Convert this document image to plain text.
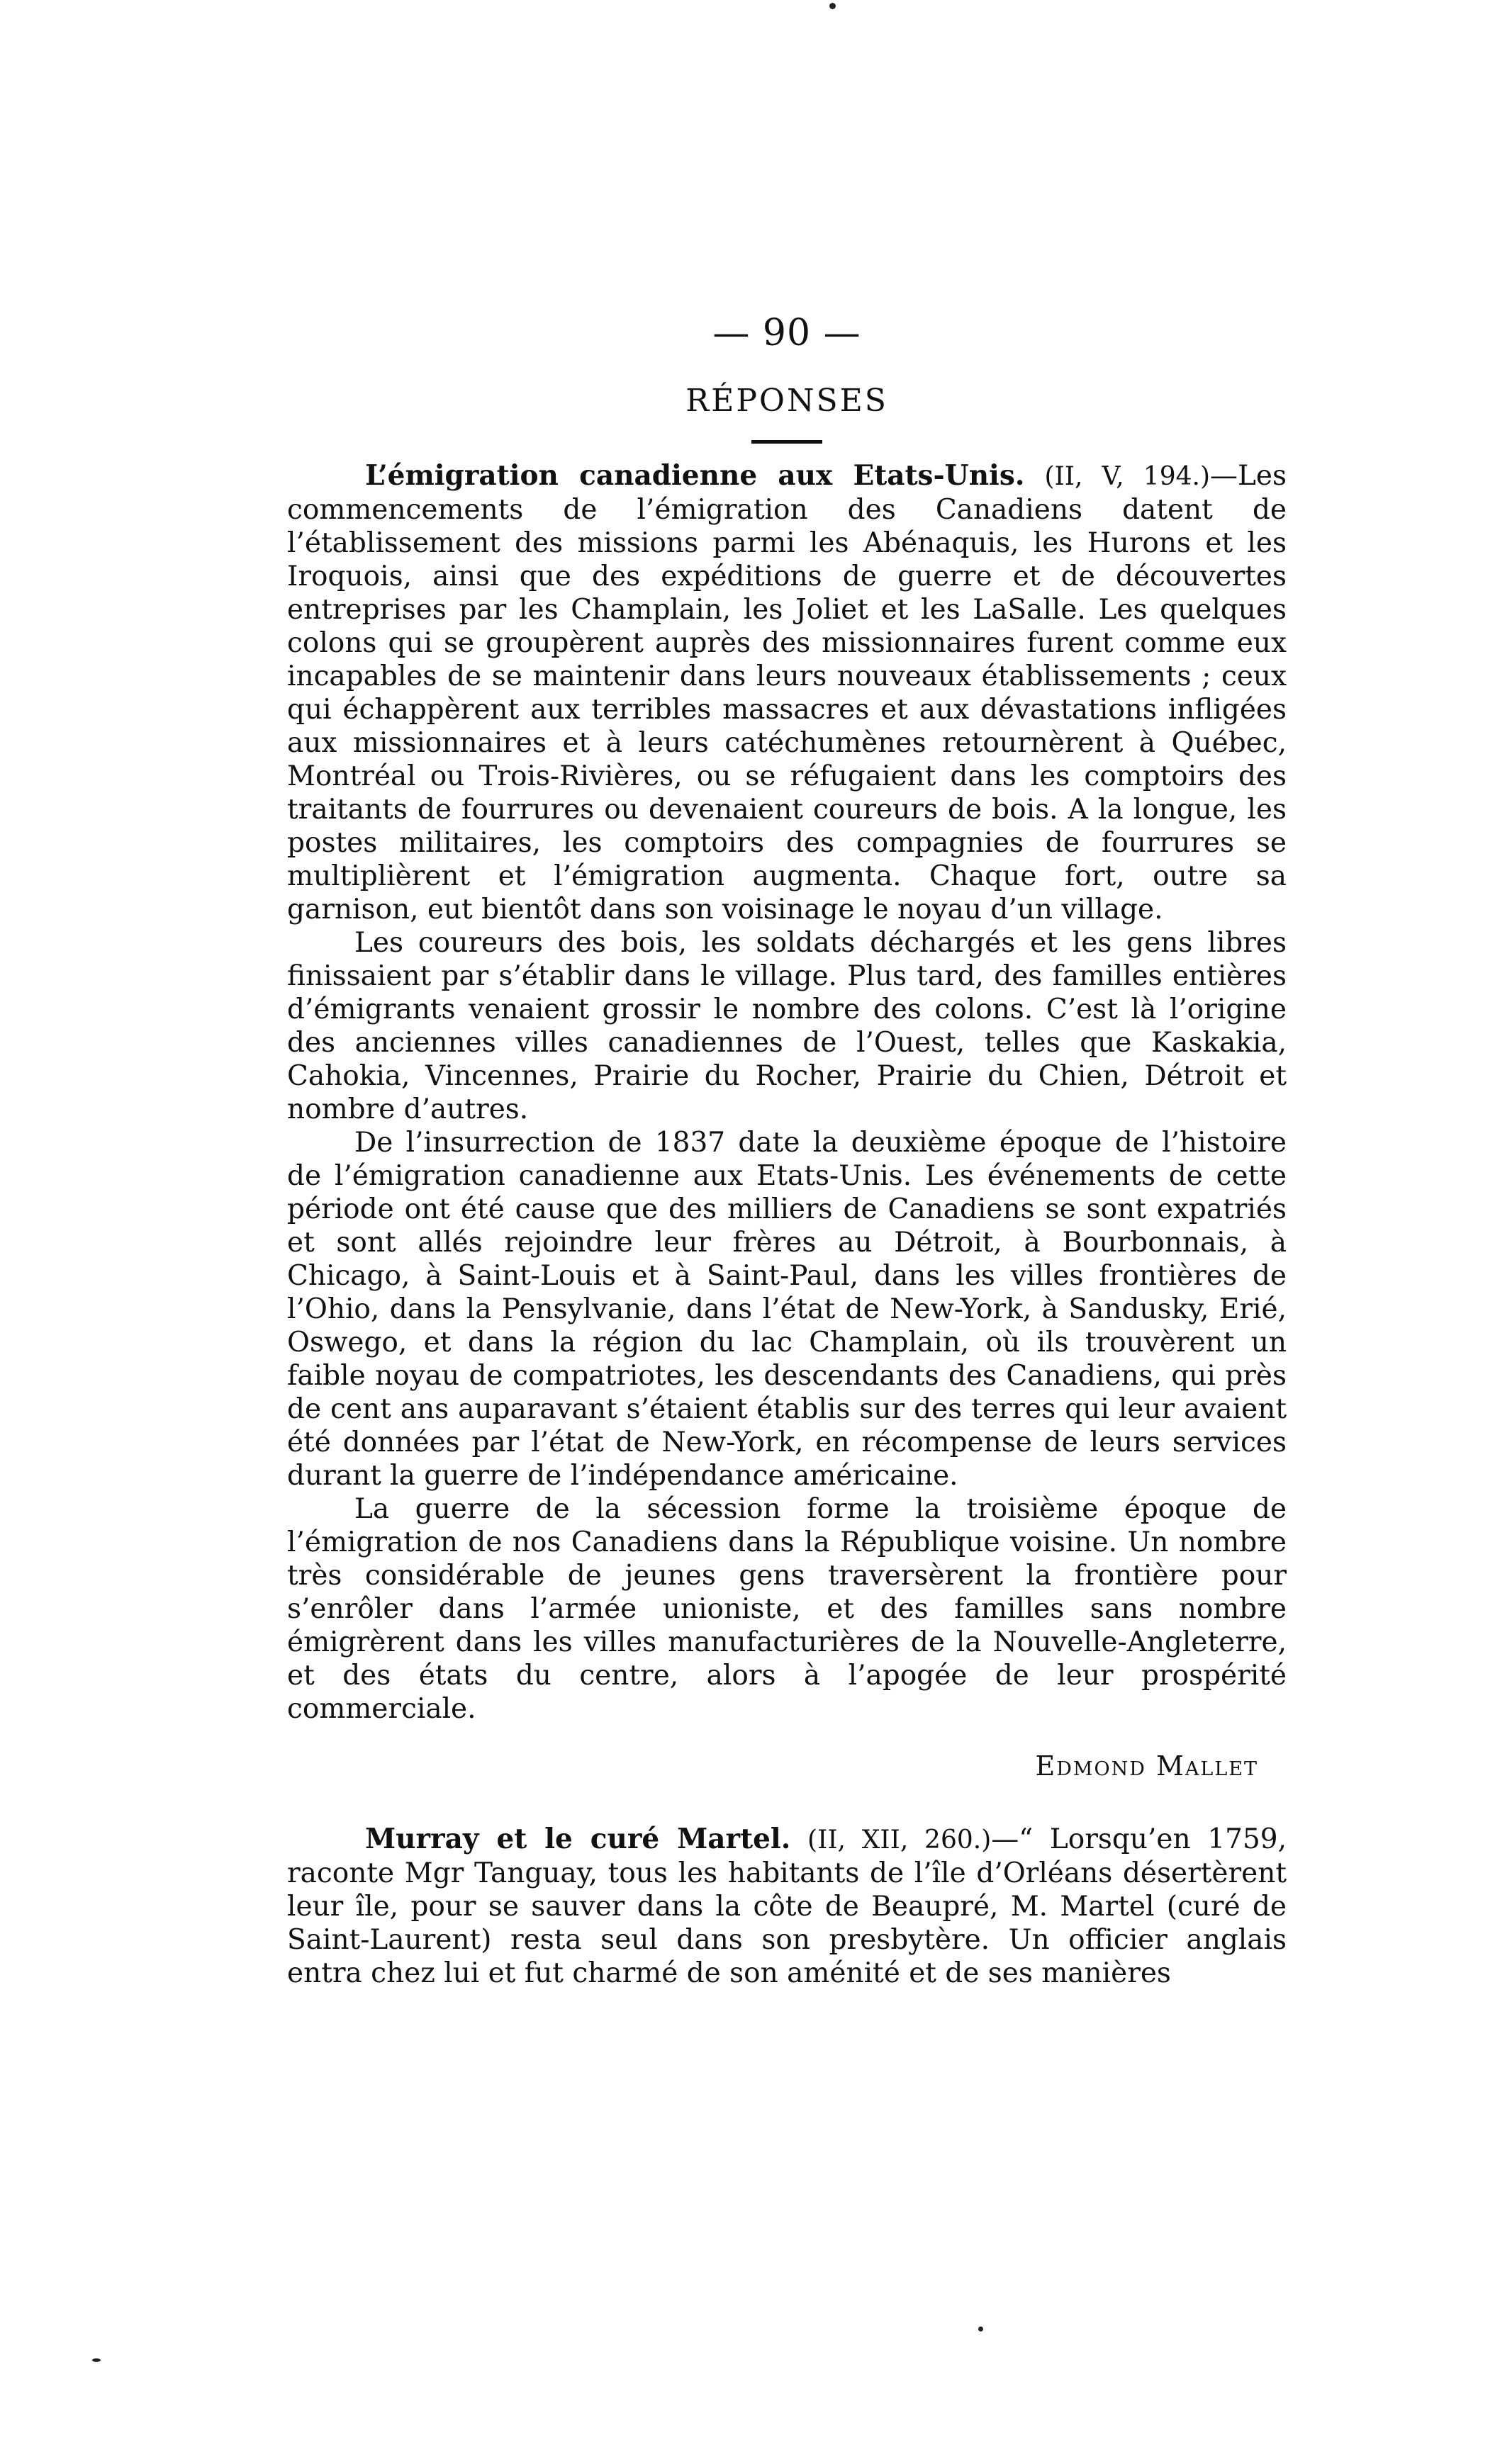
— 90 —
RÉPONSES

L’émigration canadienne aux Etats-Unis. (II, V, 194.)—Les commencements de l’émigration des Canadiens datent de l’établissement des missions parmi les Abénaquis, les Hurons et les Iroquois, ainsi que des expéditions de guerre et de découvertes entreprises par les Champlain, les Joliet et les LaSalle. Les quelques colons qui se groupèrent auprès des missionnaires furent comme eux incapables de se maintenir dans leurs nouveaux établissements ; ceux qui échappèrent aux terribles massacres et aux dévastations infligées aux missionnaires et à leurs catéchumènes retournèrent à Québec, Montréal ou Trois-Rivières, ou se réfugaient dans les comptoirs des traitants de fourrures ou devenaient coureurs de bois. A la longue, les postes militaires, les comptoirs des compagnies de fourrures se multiplièrent et l’émigration augmenta. Chaque fort, outre sa garnison, eut bientôt dans son voisinage le noyau d’un village.

Les coureurs des bois, les soldats déchargés et les gens libres finissaient par s’établir dans le village. Plus tard, des familles entières d’émigrants venaient grossir le nombre des colons. C’est là l’origine des anciennes villes canadiennes de l’Ouest, telles que Kaskakia, Cahokia, Vincennes, Prairie du Rocher, Prairie du Chien, Détroit et nombre d’autres.

De l’insurrection de 1837 date la deuxième époque de l’histoire de l’émigration canadienne aux Etats-Unis. Les événements de cette période ont été cause que des milliers de Canadiens se sont expatriés et sont allés rejoindre leur frères au Détroit, à Bourbonnais, à Chicago, à Saint-Louis et à Saint-Paul, dans les villes frontières de l’Ohio, dans la Pensylvanie, dans l’état de New-York, à Sandusky, Erié, Oswego, et dans la région du lac Champlain, où ils trouvèrent un faible noyau de compatriotes, les descendants des Canadiens, qui près de cent ans auparavant s’étaient établis sur des terres qui leur avaient été données par l’état de New-York, en récompense de leurs services durant la guerre de l’indépendance américaine.

La guerre de la sécession forme la troisième époque de l’émigration de nos Canadiens dans la République voisine. Un nombre très considérable de jeunes gens traversèrent la frontière pour s’enrôler dans l’armée unioniste, et des familles sans nombre émigrèrent dans les villes manufacturières de la Nouvelle-Angleterre, et des états du centre, alors à l’apogée de leur prospérité commerciale.

Edmond Mallet

Murray et le curé Martel. (II, XII, 260.)—“ Lorsqu’en 1759, raconte Mgr Tanguay, tous les habitants de l’île d’Orléans désertèrent leur île, pour se sauver dans la côte de Beaupré, M. Martel (curé de Saint-Laurent) resta seul dans son presbytère. Un officier anglais entra chez lui et fut charmé de son aménité et de ses manières
